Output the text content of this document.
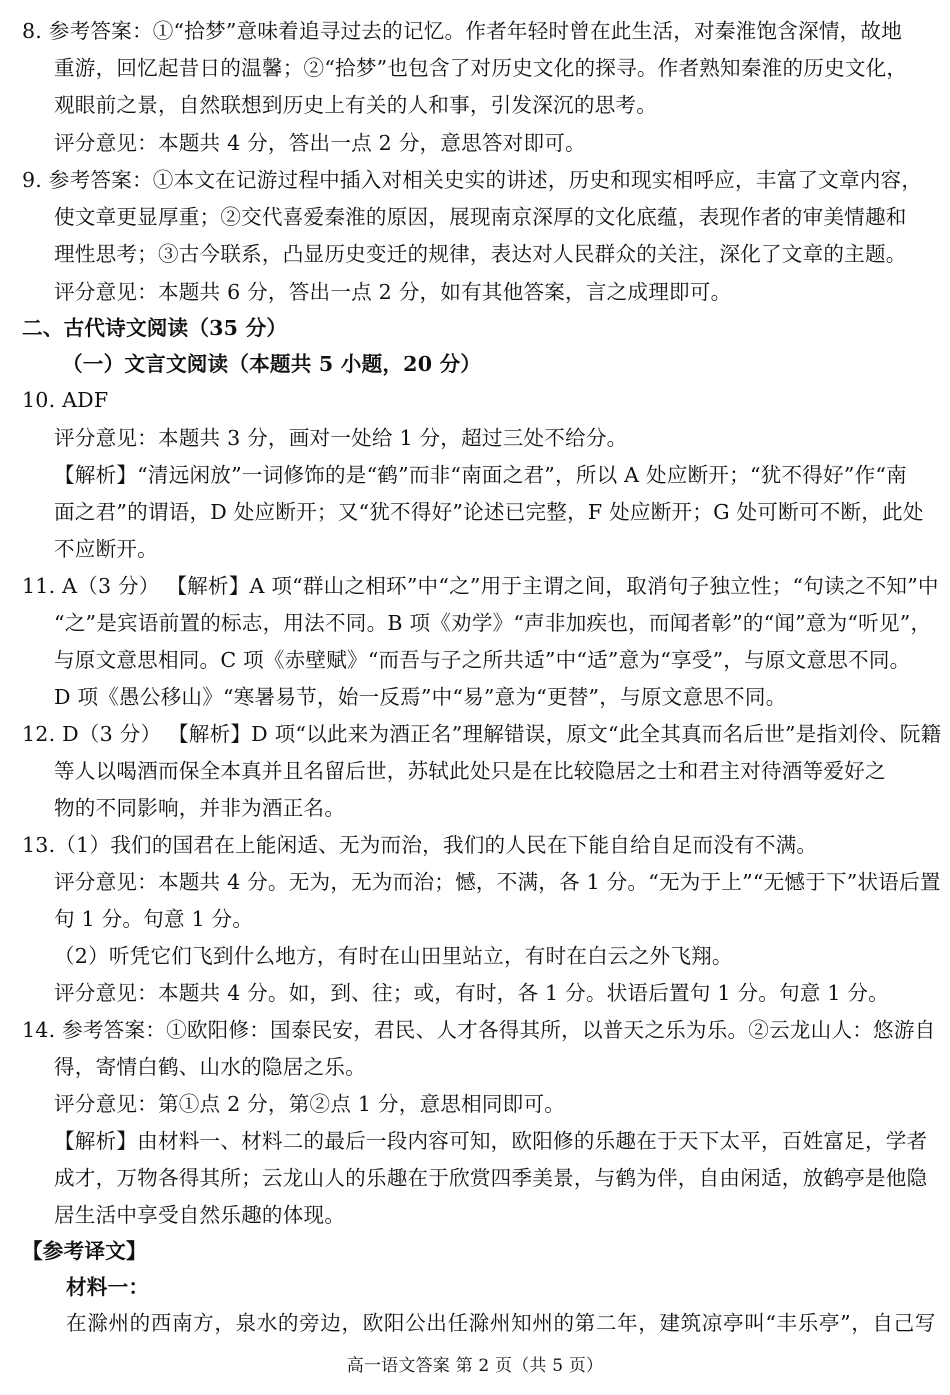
8. 参考答案：①“拾梦”意味着追寻过去的记忆。作者年轻时曾在此生活，对秦淮饱含深情，故地
重游，回忆起昔日的温馨；②“拾梦”也包含了对历史文化的探寻。作者熟知秦淮的历史文化，
观眼前之景，自然联想到历史上有关的人和事，引发深沉的思考。
评分意见：本题共 4 分，答出一点 2 分，意思答对即可。
9. 参考答案：①本文在记游过程中插入对相关史实的讲述，历史和现实相呼应，丰富了文章内容，
使文章更显厚重；②交代喜爱秦淮的原因，展现南京深厚的文化底蕴，表现作者的审美情趣和
理性思考；③古今联系，凸显历史变迁的规律，表达对人民群众的关注，深化了文章的主题。
评分意见：本题共 6 分，答出一点 2 分，如有其他答案，言之成理即可。
二、古代诗文阅读（35 分）
（一）文言文阅读（本题共 5 小题，20 分）
10. ADF
评分意见：本题共 3 分，画对一处给 1 分，超过三处不给分。
【解析】“清远闲放”一词修饰的是“鹤”而非“南面之君”，所以 A 处应断开；“犹不得好”作“南
面之君”的谓语，D 处应断开；又“犹不得好”论述已完整，F 处应断开；G 处可断可不断，此处
不应断开。
11. A（3 分） 【解析】A 项“群山之相环”中“之”用于主谓之间，取消句子独立性；“句读之不知”中
“之”是宾语前置的标志，用法不同。B 项《劝学》“声非加疾也，而闻者彰”的“闻”意为“听见”，
与原文意思相同。C 项《赤壁赋》“而吾与子之所共适”中“适”意为“享受”，与原文意思不同。
D 项《愚公移山》“寒暑易节，始一反焉”中“易”意为“更替”，与原文意思不同。
12. D（3 分） 【解析】D 项“以此来为酒正名”理解错误，原文“此全其真而名后世”是指刘伶、阮籍
等人以喝酒而保全本真并且名留后世，苏轼此处只是在比较隐居之士和君主对待酒等爱好之
物的不同影响，并非为酒正名。
13.（1）我们的国君在上能闲适、无为而治，我们的人民在下能自给自足而没有不满。
评分意见：本题共 4 分。无为，无为而治；憾，不满，各 1 分。“无为于上”“无憾于下”状语后置
句 1 分。句意 1 分。
（2）听凭它们飞到什么地方，有时在山田里站立，有时在白云之外飞翔。
评分意见：本题共 4 分。如，到、往；或，有时，各 1 分。状语后置句 1 分。句意 1 分。
14. 参考答案：①欧阳修：国泰民安，君民、人才各得其所，以普天之乐为乐。②云龙山人：悠游自
得，寄情白鹤、山水的隐居之乐。
评分意见：第①点 2 分，第②点 1 分，意思相同即可。
【解析】由材料一、材料二的最后一段内容可知，欧阳修的乐趣在于天下太平，百姓富足，学者
成才，万物各得其所；云龙山人的乐趣在于欣赏四季美景，与鹤为伴，自由闲适，放鹤亭是他隐
居生活中享受自然乐趣的体现。
【参考译文】
材料一：
在滁州的西南方，泉水的旁边，欧阳公出任滁州知州的第二年，建筑凉亭叫“丰乐亭”，自己写
高一语文答案 第 2 页（共 5 页）
